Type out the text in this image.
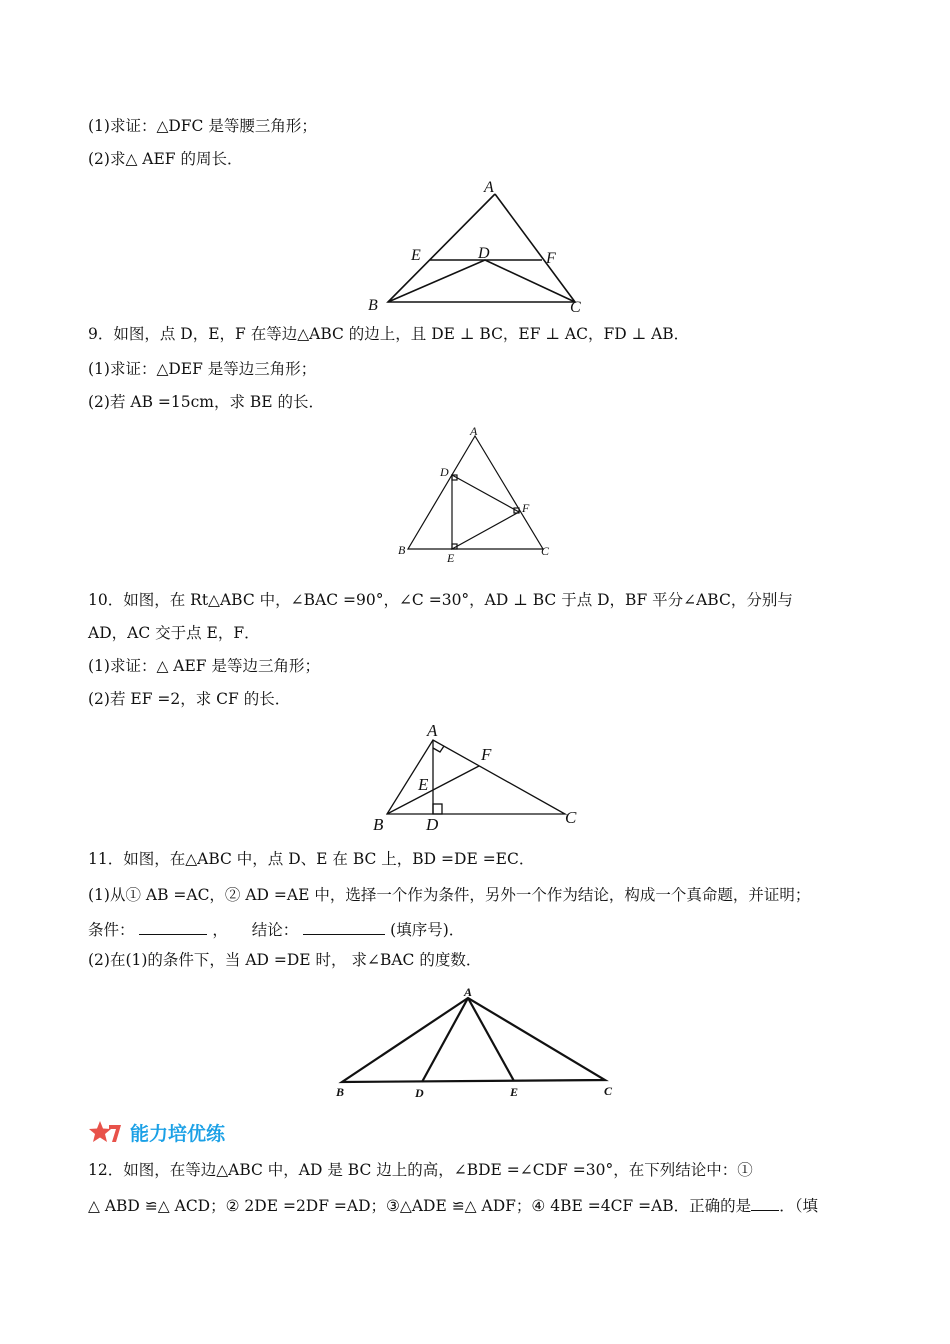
(1)求证：△DFC 是等腰三角形；
(2)求△ AEF 的周长．
A
E	D	F
B	C
9．如图，点 D，E，F 在等边△ABC 的边上，且 DE ⊥ BC，EF ⊥ AC，FD ⊥ AB．
(1)求证：△DEF 是等边三角形；
(2)若 AB =15cm，求 BE 的长．
A
D
F
B
E	C
10．如图，在 Rt△ABC 中，∠BAC =90°，∠C =30°，AD ⊥ BC 于点 D，BF 平分∠ABC，分别与
AD，AC 交于点 E，F．
(1)求证：△ AEF 是等边三角形；
(2)若 EF =2，求 CF 的长．
A
F
E
C
B	D
11．如图，在△ABC 中，点 D、E 在 BC 上，BD =DE =EC．
(1)从① AB =AC，② AD =AE 中，选择一个作为条件，另外一个作为结论，构成一个真命题，并证明；
条件：	， 结论：	(填序号)．
(2)在(1)的条件下，当 AD =DE 时， 求∠BAC 的度数．
A
B	D	E	C
能力培优练
12．如图，在等边△ABC 中，AD 是 BC 边上的高，∠BDE =∠CDF =30°，在下列结论中：①
△ ABD ≌△ ACD；② 2DE =2DF =AD；③△ADE ≌△ ADF；④ 4BE =4CF =AB．正确的是 ．（填
